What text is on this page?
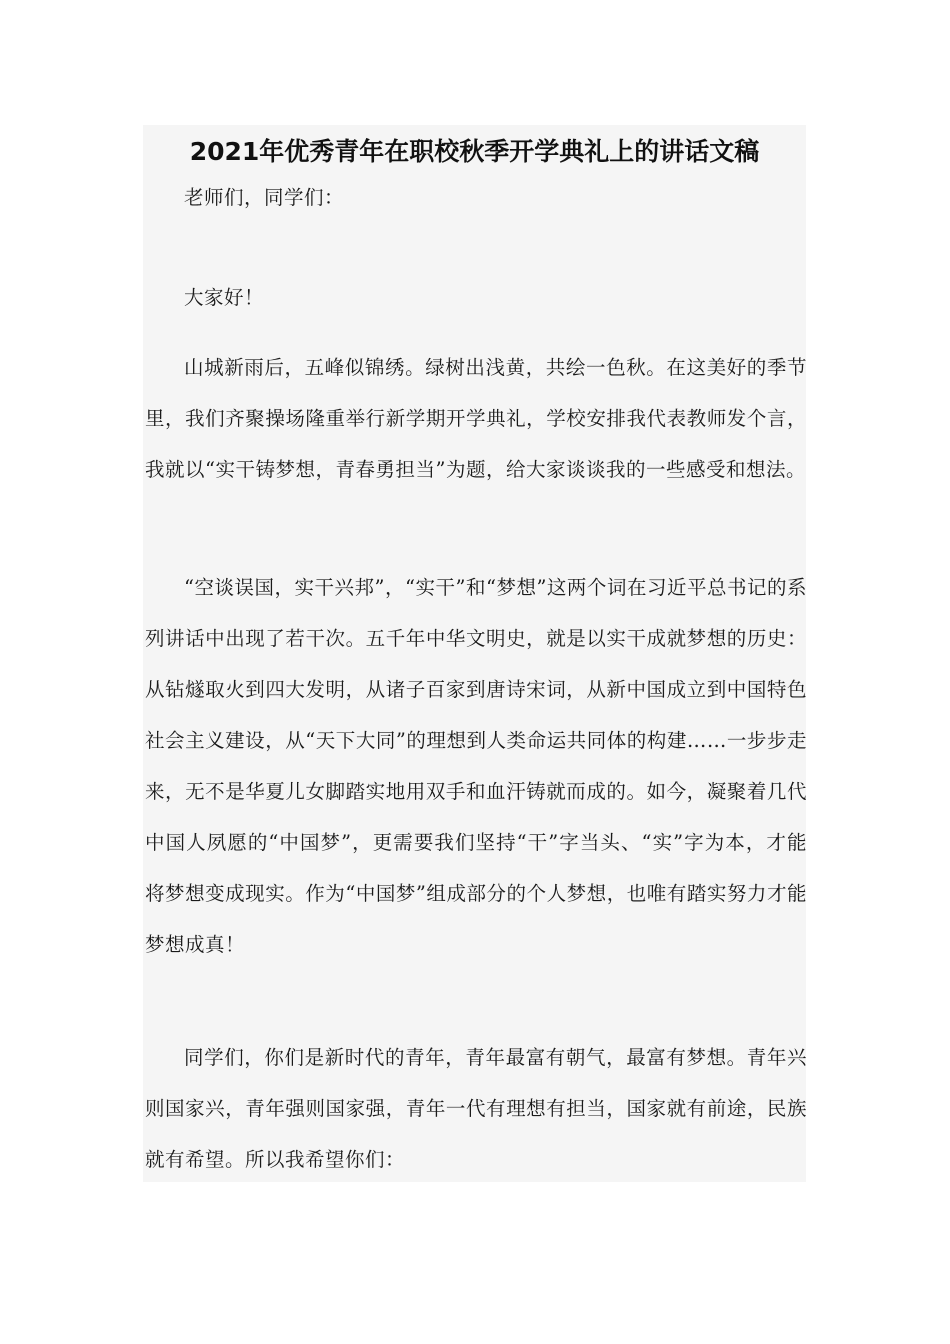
2021年优秀青年在职校秋季开学典礼上的讲话文稿

老师们，同学们：

大家好！

山城新雨后，五峰似锦绣。绿树出浅黄，共绘一色秋。在这美好的季节里，我们齐聚操场隆重举行新学期开学典礼，学校安排我代表教师发个言，我就以“实干铸梦想，青春勇担当”为题，给大家谈谈我的一些感受和想法。

“空谈误国，实干兴邦”，“实干”和“梦想”这两个词在习近平总书记的系列讲话中出现了若干次。五千年中华文明史，就是以实干成就梦想的历史：从钻燧取火到四大发明，从诸子百家到唐诗宋词，从新中国成立到中国特色社会主义建设，从“天下大同”的理想到人类命运共同体的构建……一步步走来，无不是华夏儿女脚踏实地用双手和血汗铸就而成的。如今，凝聚着几代中国人夙愿的“中国梦”，更需要我们坚持“干”字当头、“实”字为本，才能将梦想变成现实。作为“中国梦”组成部分的个人梦想，也唯有踏实努力才能梦想成真！

同学们，你们是新时代的青年，青年最富有朝气，最富有梦想。青年兴则国家兴，青年强则国家强，青年一代有理想有担当，国家就有前途，民族就有希望。所以我希望你们：
